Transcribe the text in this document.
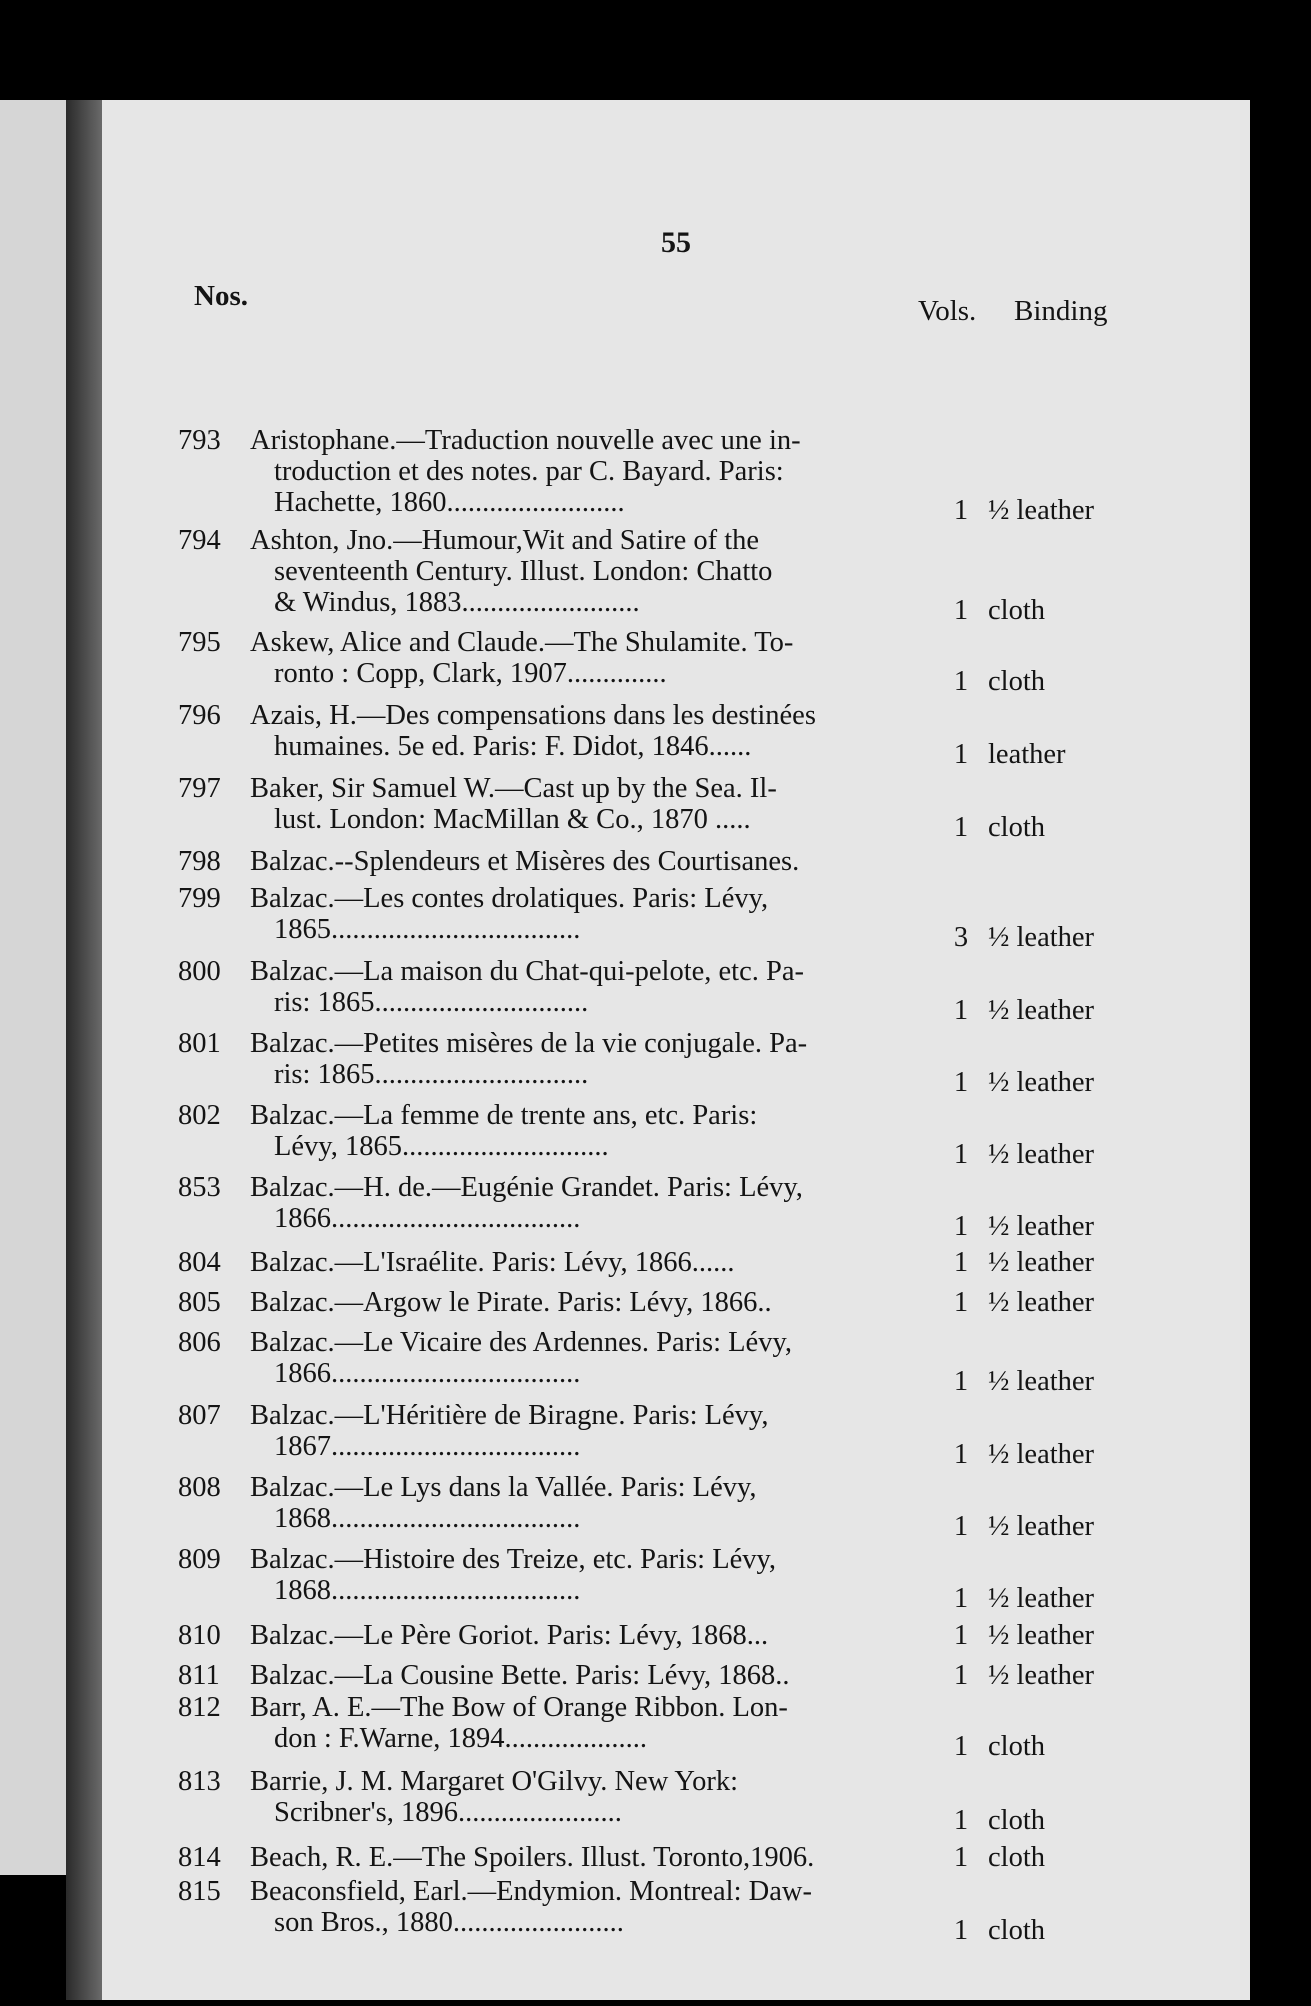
55
Nos.	Vols. Binding
793	Aristophane.—Traduction nouvelle avec une in-
troduction et des notes. par C. Bayard. Paris:
Hachette, 1860.........................	1 ½ leather
794	Ashton, Jno.—Humour,Wit and Satire of the
seventeenth Century. Illust. London: Chatto
& Windus, 1883.........................	1 cloth
795	Askew, Alice and Claude.—The Shulamite. To-
ronto : Copp, Clark, 1907..............	1 cloth
796	Azais, H.—Des compensations dans les destinées
humaines. 5e ed. Paris: F. Didot, 1846......	1 leather
797	Baker, Sir Samuel W.—Cast up by the Sea. Il-
lust. London: MacMillan & Co., 1870 .....	1 cloth
798	Balzac.--Splendeurs et Misères des Courtisanes.
799	Balzac.—Les contes drolatiques. Paris: Lévy,
1865...................................	3 ½ leather
800	Balzac.—La maison du Chat-qui-pelote, etc. Pa-
ris: 1865..............................	1 ½ leather
801	Balzac.—Petites misères de la vie conjugale. Pa-
ris: 1865..............................	1 ½ leather
802	Balzac.—La femme de trente ans, etc. Paris:
Lévy, 1865.............................	1 ½ leather
853	Balzac.—H. de.—Eugénie Grandet. Paris: Lévy,
1866...................................	1 ½ leather
804	Balzac.—L'Israélite. Paris: Lévy, 1866......	1 ½ leather
805	Balzac.—Argow le Pirate. Paris: Lévy, 1866..	1 ½ leather
806	Balzac.—Le Vicaire des Ardennes. Paris: Lévy,
1866...................................	1 ½ leather
807	Balzac.—L'Héritière de Biragne. Paris: Lévy,
1867...................................	1 ½ leather
808	Balzac.—Le Lys dans la Vallée. Paris: Lévy,
1868...................................	1 ½ leather
809	Balzac.—Histoire des Treize, etc. Paris: Lévy,
1868...................................	1 ½ leather
810	Balzac.—Le Père Goriot. Paris: Lévy, 1868...	1 ½ leather
811	Balzac.—La Cousine Bette. Paris: Lévy, 1868..	1 ½ leather
812	Barr, A. E.—The Bow of Orange Ribbon. Lon-
don : F.Warne, 1894....................	1 cloth
813	Barrie, J. M. Margaret O'Gilvy. New York:
Scribner's, 1896.......................	1 cloth
814	Beach, R. E.—The Spoilers. Illust. Toronto,1906.	1 cloth
815	Beaconsfield, Earl.—Endymion. Montreal: Daw-
son Bros., 1880........................	1 cloth
